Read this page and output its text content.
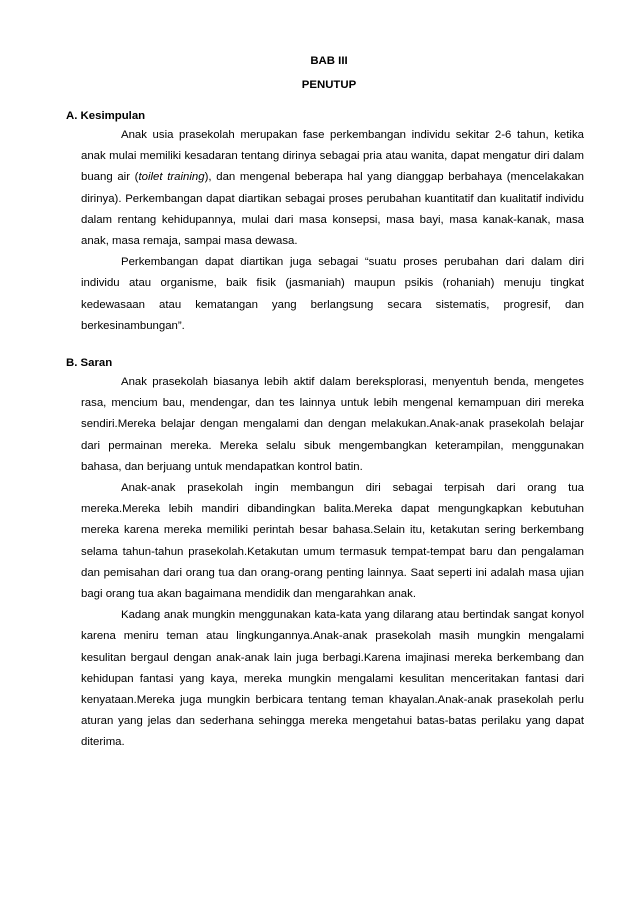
BAB III

PENUTUP

A. Kesimpulan

Anak usia prasekolah merupakan fase perkembangan individu sekitar 2-6 tahun, ketika anak mulai memiliki kesadaran tentang dirinya sebagai pria atau wanita, dapat mengatur diri dalam buang air (toilet training), dan mengenal beberapa hal yang dianggap berbahaya (mencelakakan dirinya). Perkembangan dapat diartikan sebagai proses perubahan kuantitatif dan kualitatif individu dalam rentang kehidupannya, mulai dari masa konsepsi, masa bayi, masa kanak-kanak, masa anak, masa remaja, sampai masa dewasa.

Perkembangan dapat diartikan juga sebagai “suatu proses perubahan dari dalam diri individu atau organisme, baik fisik (jasmaniah) maupun psikis (rohaniah) menuju tingkat kedewasaan atau kematangan yang berlangsung secara sistematis, progresif, dan berkesinambungan”.

B. Saran

Anak prasekolah biasanya lebih aktif dalam bereksplorasi, menyentuh benda, mengetes rasa, mencium bau, mendengar, dan tes lainnya untuk lebih mengenal kemampuan diri mereka sendiri.Mereka belajar dengan mengalami dan dengan melakukan.Anak-anak prasekolah belajar dari permainan mereka. Mereka selalu sibuk mengembangkan keterampilan, menggunakan bahasa, dan berjuang untuk mendapatkan kontrol batin.

Anak-anak prasekolah ingin membangun diri sebagai terpisah dari orang tua mereka.Mereka lebih mandiri dibandingkan balita.Mereka dapat mengungkapkan kebutuhan mereka karena mereka memiliki perintah besar bahasa.Selain itu, ketakutan sering berkembang selama tahun-tahun prasekolah.Ketakutan umum termasuk tempat-tempat baru dan pengalaman dan pemisahan dari orang tua dan orang-orang penting lainnya. Saat seperti ini adalah masa ujian bagi orang tua akan bagaimana mendidik dan mengarahkan anak.

Kadang anak mungkin menggunakan kata-kata yang dilarang atau bertindak sangat konyol karena meniru teman atau lingkungannya.Anak-anak prasekolah masih mungkin mengalami kesulitan bergaul dengan anak-anak lain juga berbagi.Karena imajinasi mereka berkembang dan kehidupan fantasi yang kaya, mereka mungkin mengalami kesulitan menceritakan fantasi dari kenyataan.Mereka juga mungkin berbicara tentang teman khayalan.Anak-anak prasekolah perlu aturan yang jelas dan sederhana sehingga mereka mengetahui batas-batas perilaku yang dapat diterima.
